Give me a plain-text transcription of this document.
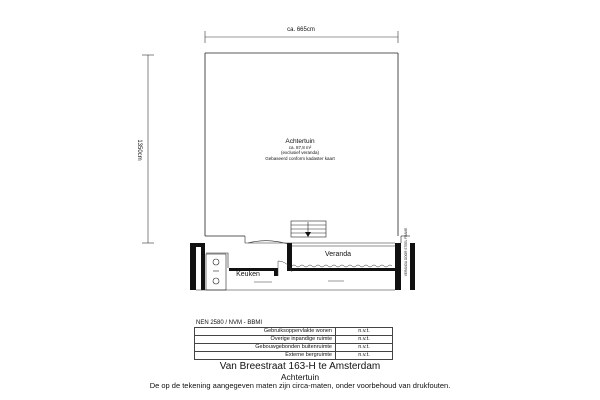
ca. 665cm
1350cm	Achtertuin
ca. 87,8 m²
(exclusief veranda)
Gebaseerd conform kadaster kaart
Veranda
Keuken	VERANDA DOOR STEEL FRAME
NEN 2580 / NVM - BBMI
Gebruiksoppervlakte wonen	n.v.t.
Overige inpandige ruimte	n.v.t.
Gebouwgebonden buitenruimte	n.v.t.
Externe bergruimte	n.v.t.
Van Breestraat 163-H te Amsterdam
Achtertuin
De op de tekening aangegeven maten zijn circa-maten, onder voorbehoud van drukfouten.
